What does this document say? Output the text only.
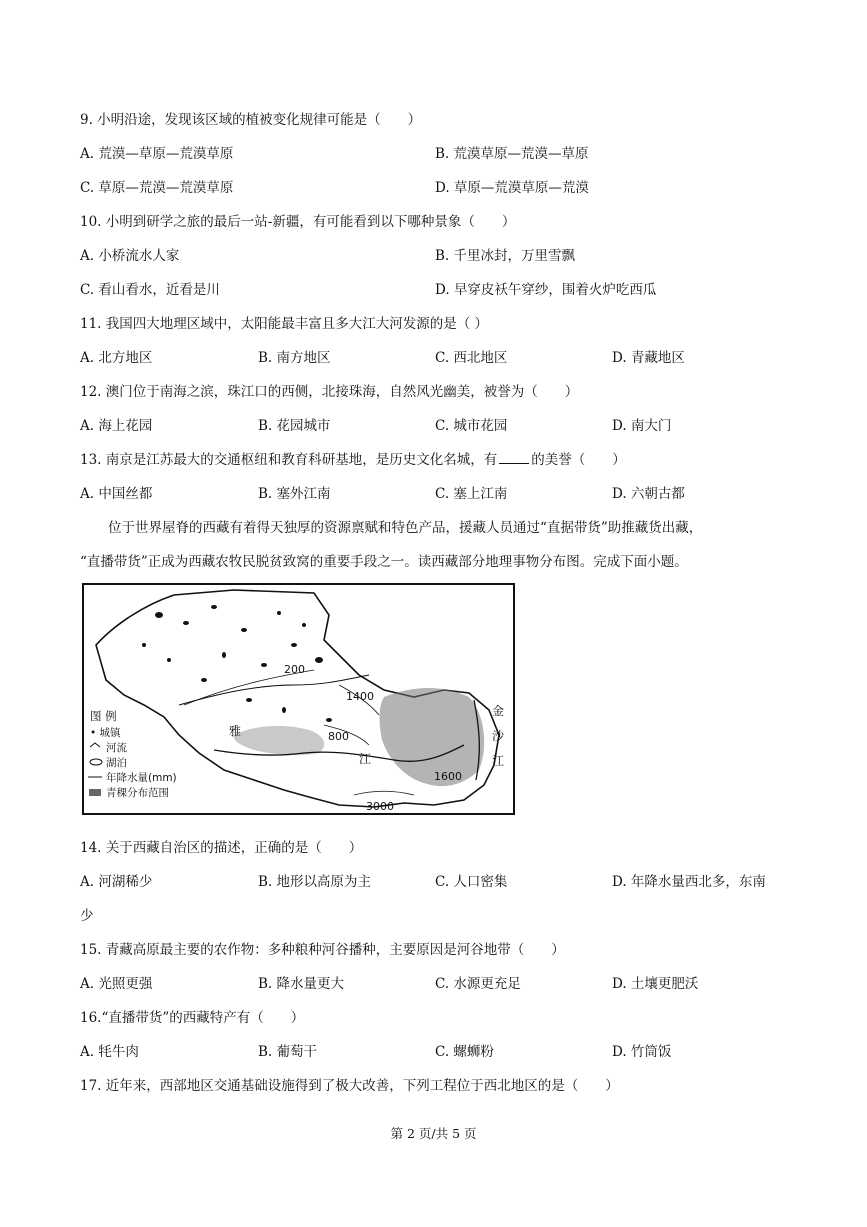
9. 小明沿途，发现该区域的植被变化规律可能是（　　）
A. 荒漠—草原—荒漠草原	B. 荒漠草原—荒漠—草原
C. 草原—荒漠—荒漠草原	D. 草原—荒漠草原—荒漠
10. 小明到研学之旅的最后一站-新疆，有可能看到以下哪种景象（　　）
A. 小桥流水人家	B. 千里冰封，万里雪飘
C. 看山看水，近看是川	D. 早穿皮袄午穿纱，围着火炉吃西瓜
11. 我国四大地理区域中，太阳能最丰富且多大江大河发源的是（ ）
A. 北方地区	B. 南方地区	C. 西北地区	D. 青藏地区
12. 澳门位于南海之滨，珠江口的西侧，北接珠海，自然风光幽美，被誉为（　　）
A. 海上花园	B. 花园城市	C. 城市花园	D. 南大门
13. 南京是江苏最大的交通枢纽和教育科研基地，是历史文化名城，有	的美誉（　　）
A. 中国丝都	B. 塞外江南	C. 塞上江南	D. 六朝古都
位于世界屋脊的西藏有着得天独厚的资源禀赋和特色产品，援藏人员通过“直据带货”助推藏货出藏，
“直播带货”正成为西藏农牧民脱贫致窝的重要手段之一。读西藏部分地理事物分布图。完成下面小题。
200
1400
800
1600
3000
金
沙
江
雅
江
图 例
• 城镇
河流
湖泊
年降水量(mm)
青稞分布范围
14. 关于西藏自治区的描述，正确的是（　　）
A. 河湖稀少	B. 地形以高原为主	C. 人口密集	D. 年降水量西北多，东南
少
15. 青藏高原最主要的农作物：多种粮种河谷播种，主要原因是河谷地带（　　）
A. 光照更强	B. 降水量更大	C. 水源更充足	D. 土壤更肥沃
16.“直播带货”的西藏特产有（　　）
A. 牦牛肉	B. 葡萄干	C. 螺蛳粉	D. 竹筒饭
17. 近年来，西部地区交通基础设施得到了极大改善，下列工程位于西北地区的是（　　）
第 2 页/共 5 页
